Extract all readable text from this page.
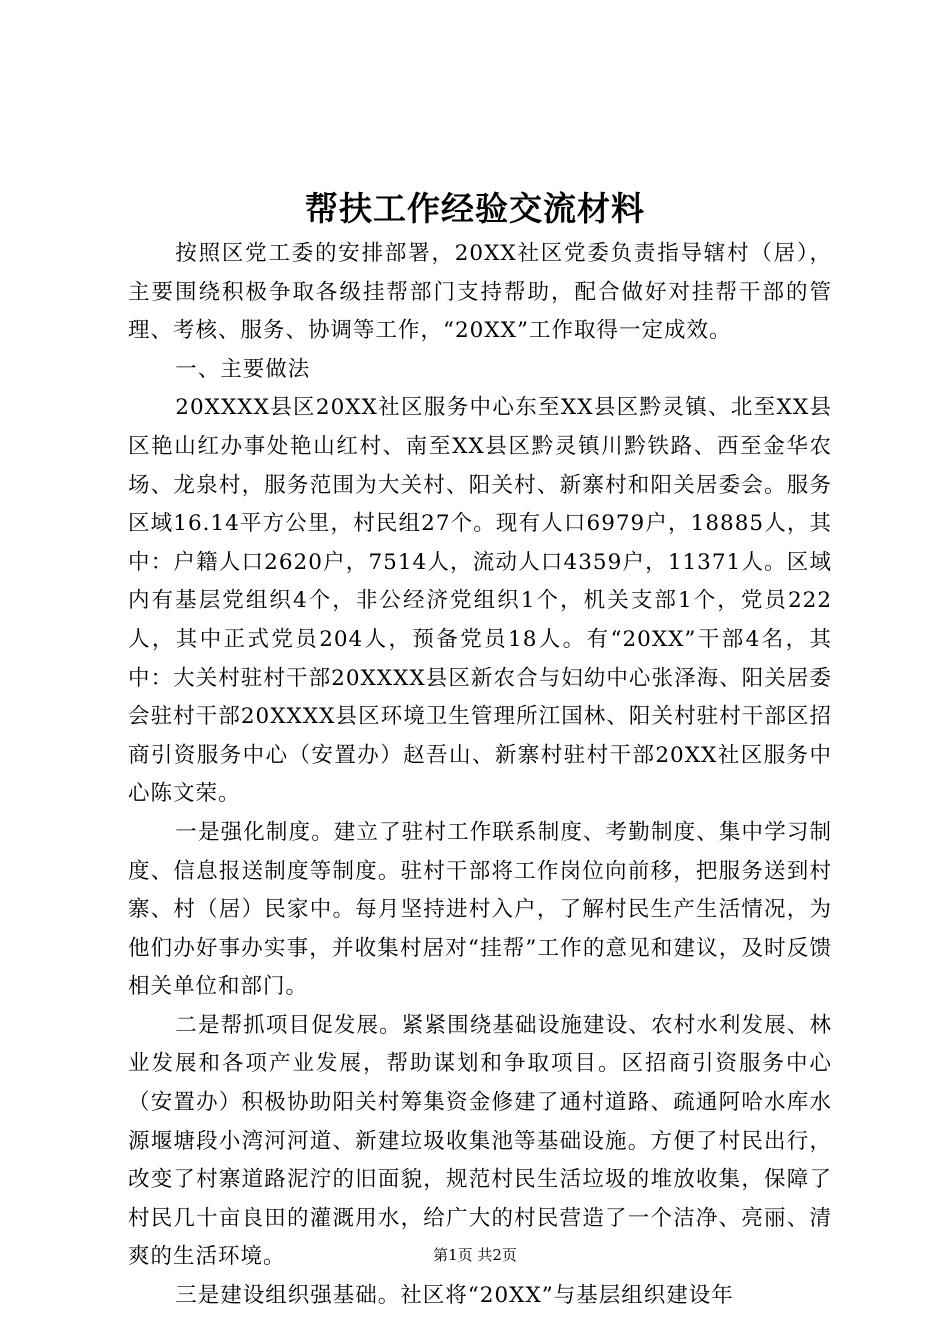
帮扶工作经验交流材料

按照区党工委的安排部署，20XX社区党委负责指导辖村（居），主要围绕积极争取各级挂帮部门支持帮助，配合做好对挂帮干部的管理、考核、服务、协调等工作，“20XX”工作取得一定成效。

一、主要做法

20XXXX县区20XX社区服务中心东至XX县区黔灵镇、北至XX县区艳山红办事处艳山红村、南至XX县区黔灵镇川黔铁路、西至金华农场、龙泉村，服务范围为大关村、阳关村、新寨村和阳关居委会。服务区域16.14平方公里，村民组27个。现有人口6979户，18885人，其中：户籍人口2620户，7514人，流动人口4359户，11371人。区域内有基层党组织4个，非公经济党组织1个，机关支部1个，党员222人，其中正式党员204人，预备党员18人。有“20XX”干部4名，其中：大关村驻村干部20XXXX县区新农合与妇幼中心张泽海、阳关居委会驻村干部20XXXX县区环境卫生管理所江国林、阳关村驻村干部区招商引资服务中心（安置办）赵吾山、新寨村驻村干部20XX社区服务中心陈文荣。

一是强化制度。建立了驻村工作联系制度、考勤制度、集中学习制度、信息报送制度等制度。驻村干部将工作岗位向前移，把服务送到村寨、村（居）民家中。每月坚持进村入户，了解村民生产生活情况，为他们办好事办实事，并收集村居对“挂帮”工作的意见和建议，及时反馈相关单位和部门。

二是帮抓项目促发展。紧紧围绕基础设施建设、农村水利发展、林业发展和各项产业发展，帮助谋划和争取项目。区招商引资服务中心（安置办）积极协助阳关村筹集资金修建了通村道路、疏通阿哈水库水源堰塘段小湾河河道、新建垃圾收集池等基础设施。方便了村民出行，改变了村寨道路泥泞的旧面貌，规范村民生活垃圾的堆放收集，保障了村民几十亩良田的灌溉用水，给广大的村民营造了一个洁净、亮丽、清爽的生活环境。

三是建设组织强基础。社区将“20XX”与基层组织建设年

第1页 共2页
